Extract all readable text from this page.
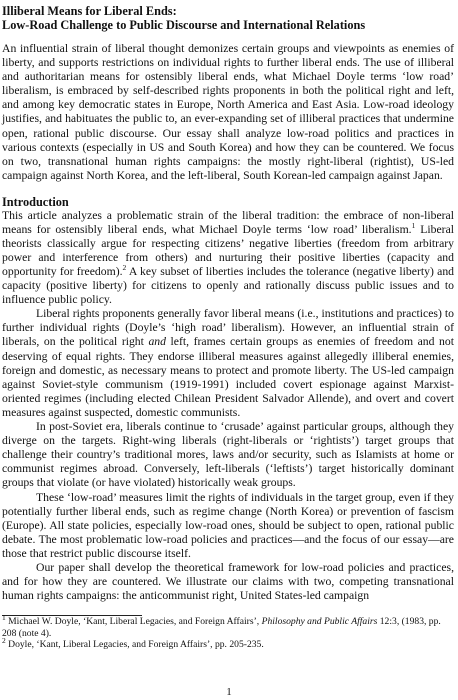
Illiberal Means for Liberal Ends:
Low-Road Challenge to Public Discourse and International Relations

An influential strain of liberal thought demonizes certain groups and viewpoints as enemies of liberty, and supports restrictions on individual rights to further liberal ends. The use of illiberal and authoritarian means for ostensibly liberal ends, what Michael Doyle terms ‘low road’ liberalism, is embraced by self-described rights proponents in both the political right and left, and among key democratic states in Europe, North America and East Asia. Low-road ideology justifies, and habituates the public to, an ever-expanding set of illiberal practices that undermine open, rational public discourse. Our essay shall analyze low-road politics and practices in various contexts (especially in US and South Korea) and how they can be countered. We focus on two, transnational human rights campaigns: the mostly right-liberal (rightist), US-led campaign against North Korea, and the left-liberal, South Korean-led campaign against Japan.

Introduction

This article analyzes a problematic strain of the liberal tradition: the embrace of non-liberal means for ostensibly liberal ends, what Michael Doyle terms ‘low road’ liberalism.$^1$ Liberal theorists classically argue for respecting citizens’ negative liberties (freedom from arbitrary power and interference from others) and nurturing their positive liberties (capacity and opportunity for freedom).$^2$ A key subset of liberties includes the tolerance (negative liberty) and capacity (positive liberty) for citizens to openly and rationally discuss public issues and to influence public policy.

Liberal rights proponents generally favor liberal means (i.e., institutions and practices) to further individual rights (Doyle’s ‘high road’ liberalism). However, an influential strain of liberals, on the political right and left, frames certain groups as enemies of freedom and not deserving of equal rights. They endorse illiberal measures against allegedly illiberal enemies, foreign and domestic, as necessary means to protect and promote liberty. The US-led campaign against Soviet-style communism (1919-1991) included covert espionage against Marxist-oriented regimes (including elected Chilean President Salvador Allende), and overt and covert measures against suspected, domestic communists.

In post-Soviet era, liberals continue to ‘crusade’ against particular groups, although they diverge on the targets. Right-wing liberals (right-liberals or ‘rightists’) target groups that challenge their country’s traditional mores, laws and/or security, such as Islamists at home or communist regimes abroad. Conversely, left-liberals (‘leftists’) target historically dominant groups that violate (or have violated) historically weak groups.

These ‘low-road’ measures limit the rights of individuals in the target group, even if they potentially further liberal ends, such as regime change (North Korea) or prevention of fascism (Europe). All state policies, especially low-road ones, should be subject to open, rational public debate. The most problematic low-road policies and practices—and the focus of our essay—are those that restrict public discourse itself.

Our paper shall develop the theoretical framework for low-road policies and practices, and for how they are countered. We illustrate our claims with two, competing transnational human rights campaigns: the anticommunist right, United States-led campaign

$^1$ Michael W. Doyle, ‘Kant, Liberal Legacies, and Foreign Affairs’, Philosophy and Public Affairs 12:3, (1983, pp. 208 (note 4).
$^2$ Doyle, ‘Kant, Liberal Legacies, and Foreign Affairs’, pp. 205-235.
1
